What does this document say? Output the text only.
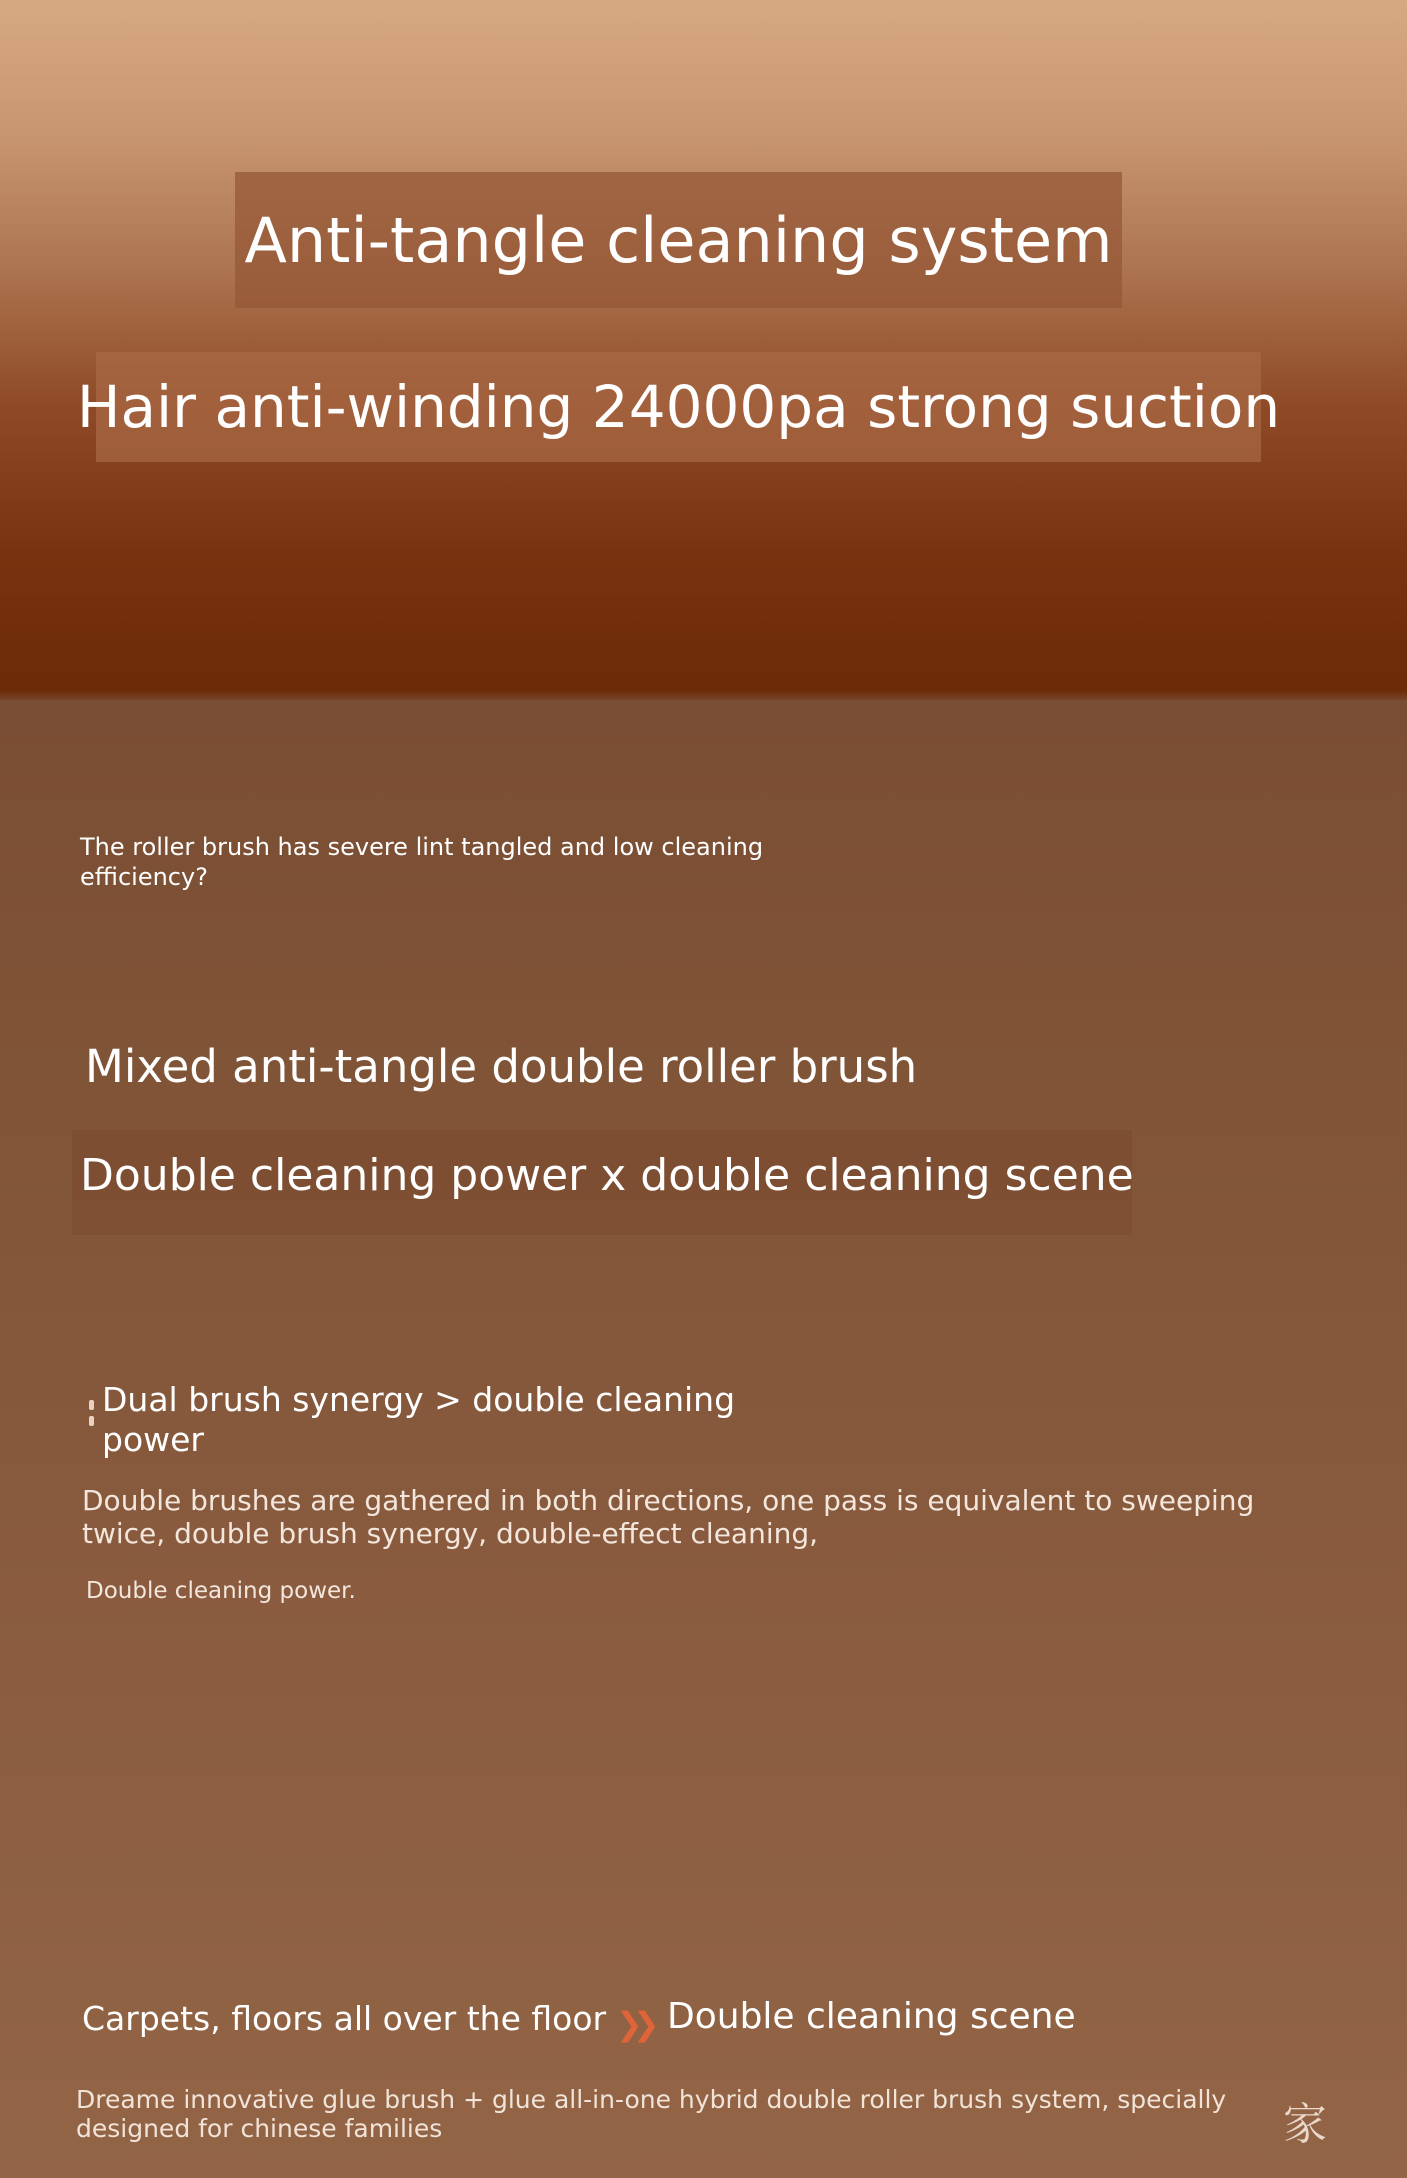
Anti-tangle cleaning system
Hair anti-winding 24000pa strong suction
The roller brush has severe lint tangled and low cleaning efficiency?
Mixed anti-tangle double roller brush
Double cleaning power x double cleaning scene
Dual brush synergy > double cleaning power
Double brushes are gathered in both directions, one pass is equivalent to sweeping twice, double brush synergy, double-effect cleaning,
Double cleaning power.
Carpets, floors all over the floor ❯❯ Double cleaning scene
Dreame innovative glue brush + glue all-in-one hybrid double roller brush system, specially designed for chinese families	家
